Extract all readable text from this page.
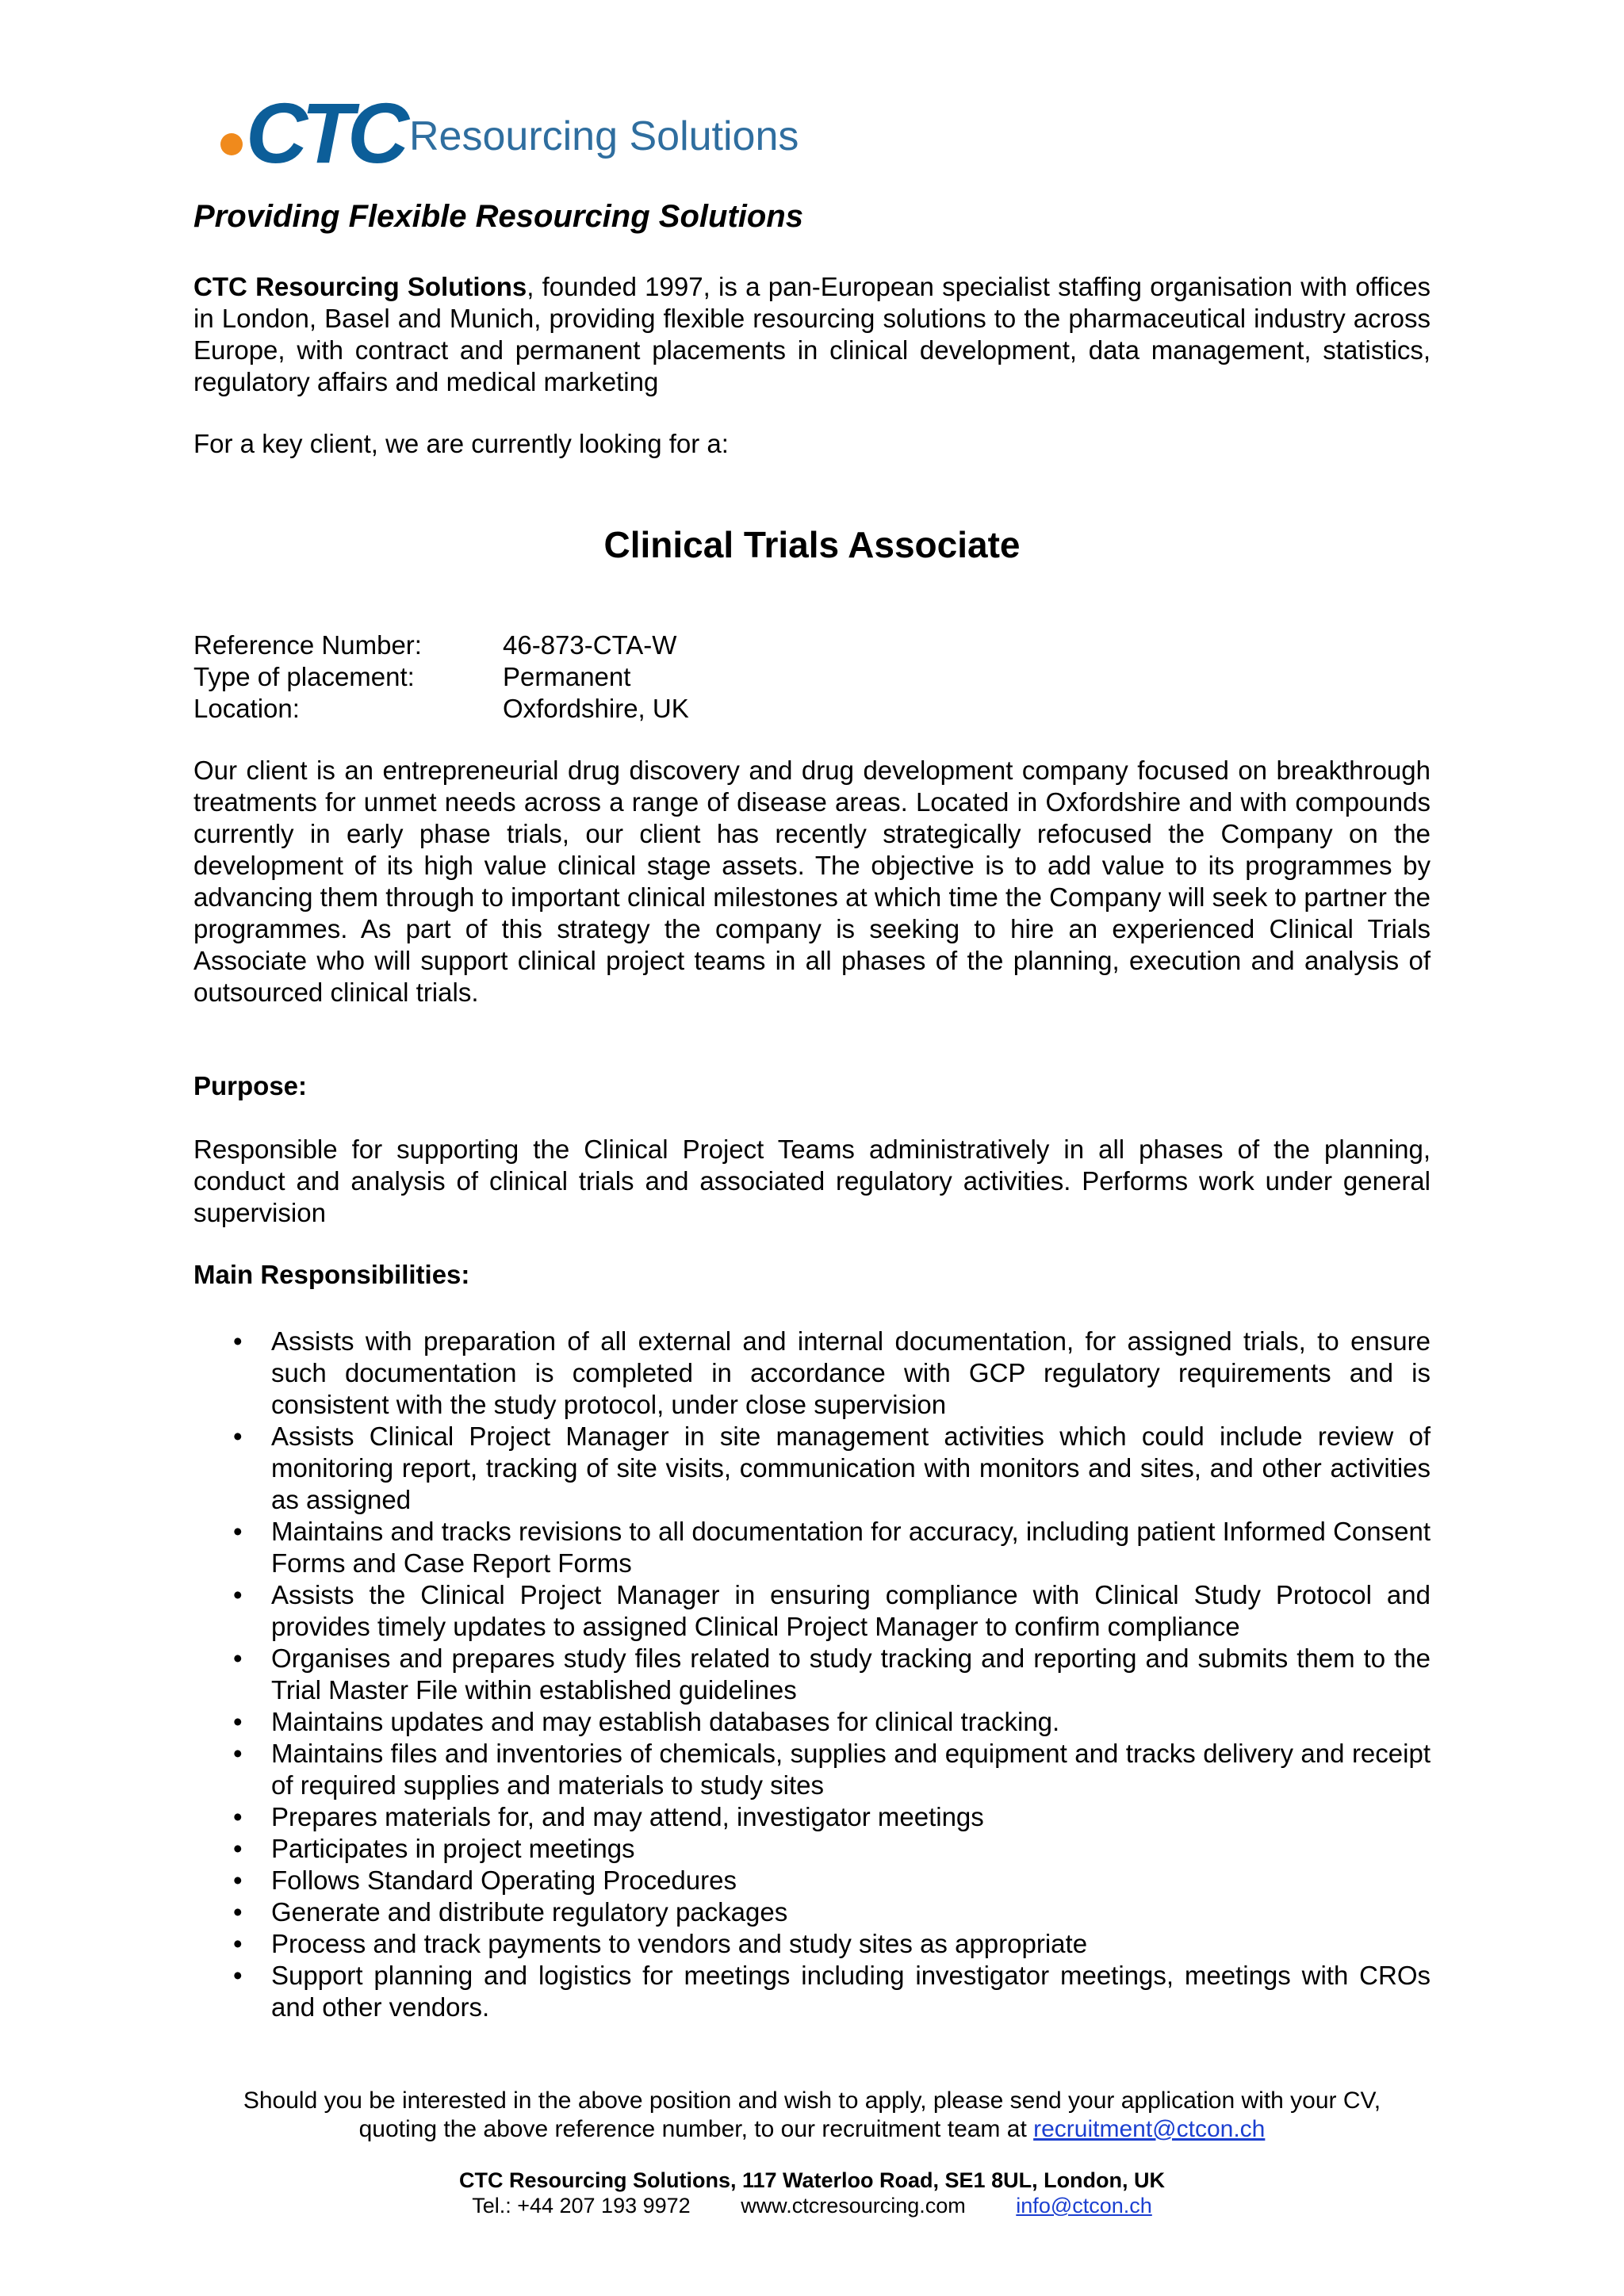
CTC Resourcing Solutions
Providing Flexible Resourcing Solutions

CTC Resourcing Solutions, founded 1997, is a pan-European specialist staffing organisation with offices in London, Basel and Munich, providing flexible resourcing solutions to the pharmaceutical industry across Europe, with contract and permanent placements in clinical development, data management, statistics, regulatory affairs and medical marketing

For a key client, we are currently looking for a:

Clinical Trials Associate
Reference Number:	46-873-CTA-W
Type of placement:	Permanent
Location:	Oxfordshire, UK

Our client is an entrepreneurial drug discovery and drug development company focused on breakthrough treatments for unmet needs across a range of disease areas. Located in Oxfordshire and with compounds currently in early phase trials, our client has recently strategically refocused the Company on the development of its high value clinical stage assets. The objective is to add value to its programmes by advancing them through to important clinical milestones at which time the Company will seek to partner the programmes. As part of this strategy the company is seeking to hire an experienced Clinical Trials Associate who will support clinical project teams in all phases of the planning, execution and analysis of outsourced clinical trials.

Purpose:

Responsible for supporting the Clinical Project Teams administratively in all phases of the planning, conduct and analysis of clinical trials and associated regulatory activities. Performs work under general supervision

Main Responsibilities:
• Assists with preparation of all external and internal documentation, for assigned trials, to ensure such documentation is completed in accordance with GCP regulatory requirements and is consistent with the study protocol, under close supervision
• Assists Clinical Project Manager in site management activities which could include review of monitoring report, tracking of site visits, communication with monitors and sites, and other activities as assigned
• Maintains and tracks revisions to all documentation for accuracy, including patient Informed Consent Forms and Case Report Forms
• Assists the Clinical Project Manager in ensuring compliance with Clinical Study Protocol and provides timely updates to assigned Clinical Project Manager to confirm compliance
• Organises and prepares study files related to study tracking and reporting and submits them to the Trial Master File within established guidelines
• Maintains updates and may establish databases for clinical tracking.
• Maintains files and inventories of chemicals, supplies and equipment and tracks delivery and receipt of required supplies and materials to study sites
• Prepares materials for, and may attend, investigator meetings
• Participates in project meetings
• Follows Standard Operating Procedures
• Generate and distribute regulatory packages
• Process and track payments to vendors and study sites as appropriate
• Support planning and logistics for meetings including investigator meetings, meetings with CROs and other vendors.
Should you be interested in the above position and wish to apply, please send your application with your CV,
quoting the above reference number, to our recruitment team at recruitment@ctcon.ch
CTC Resourcing Solutions, 117 Waterloo Road, SE1 8UL, London, UK
Tel.: +44 207 193 9972 www.ctcresourcing.com info@ctcon.ch
